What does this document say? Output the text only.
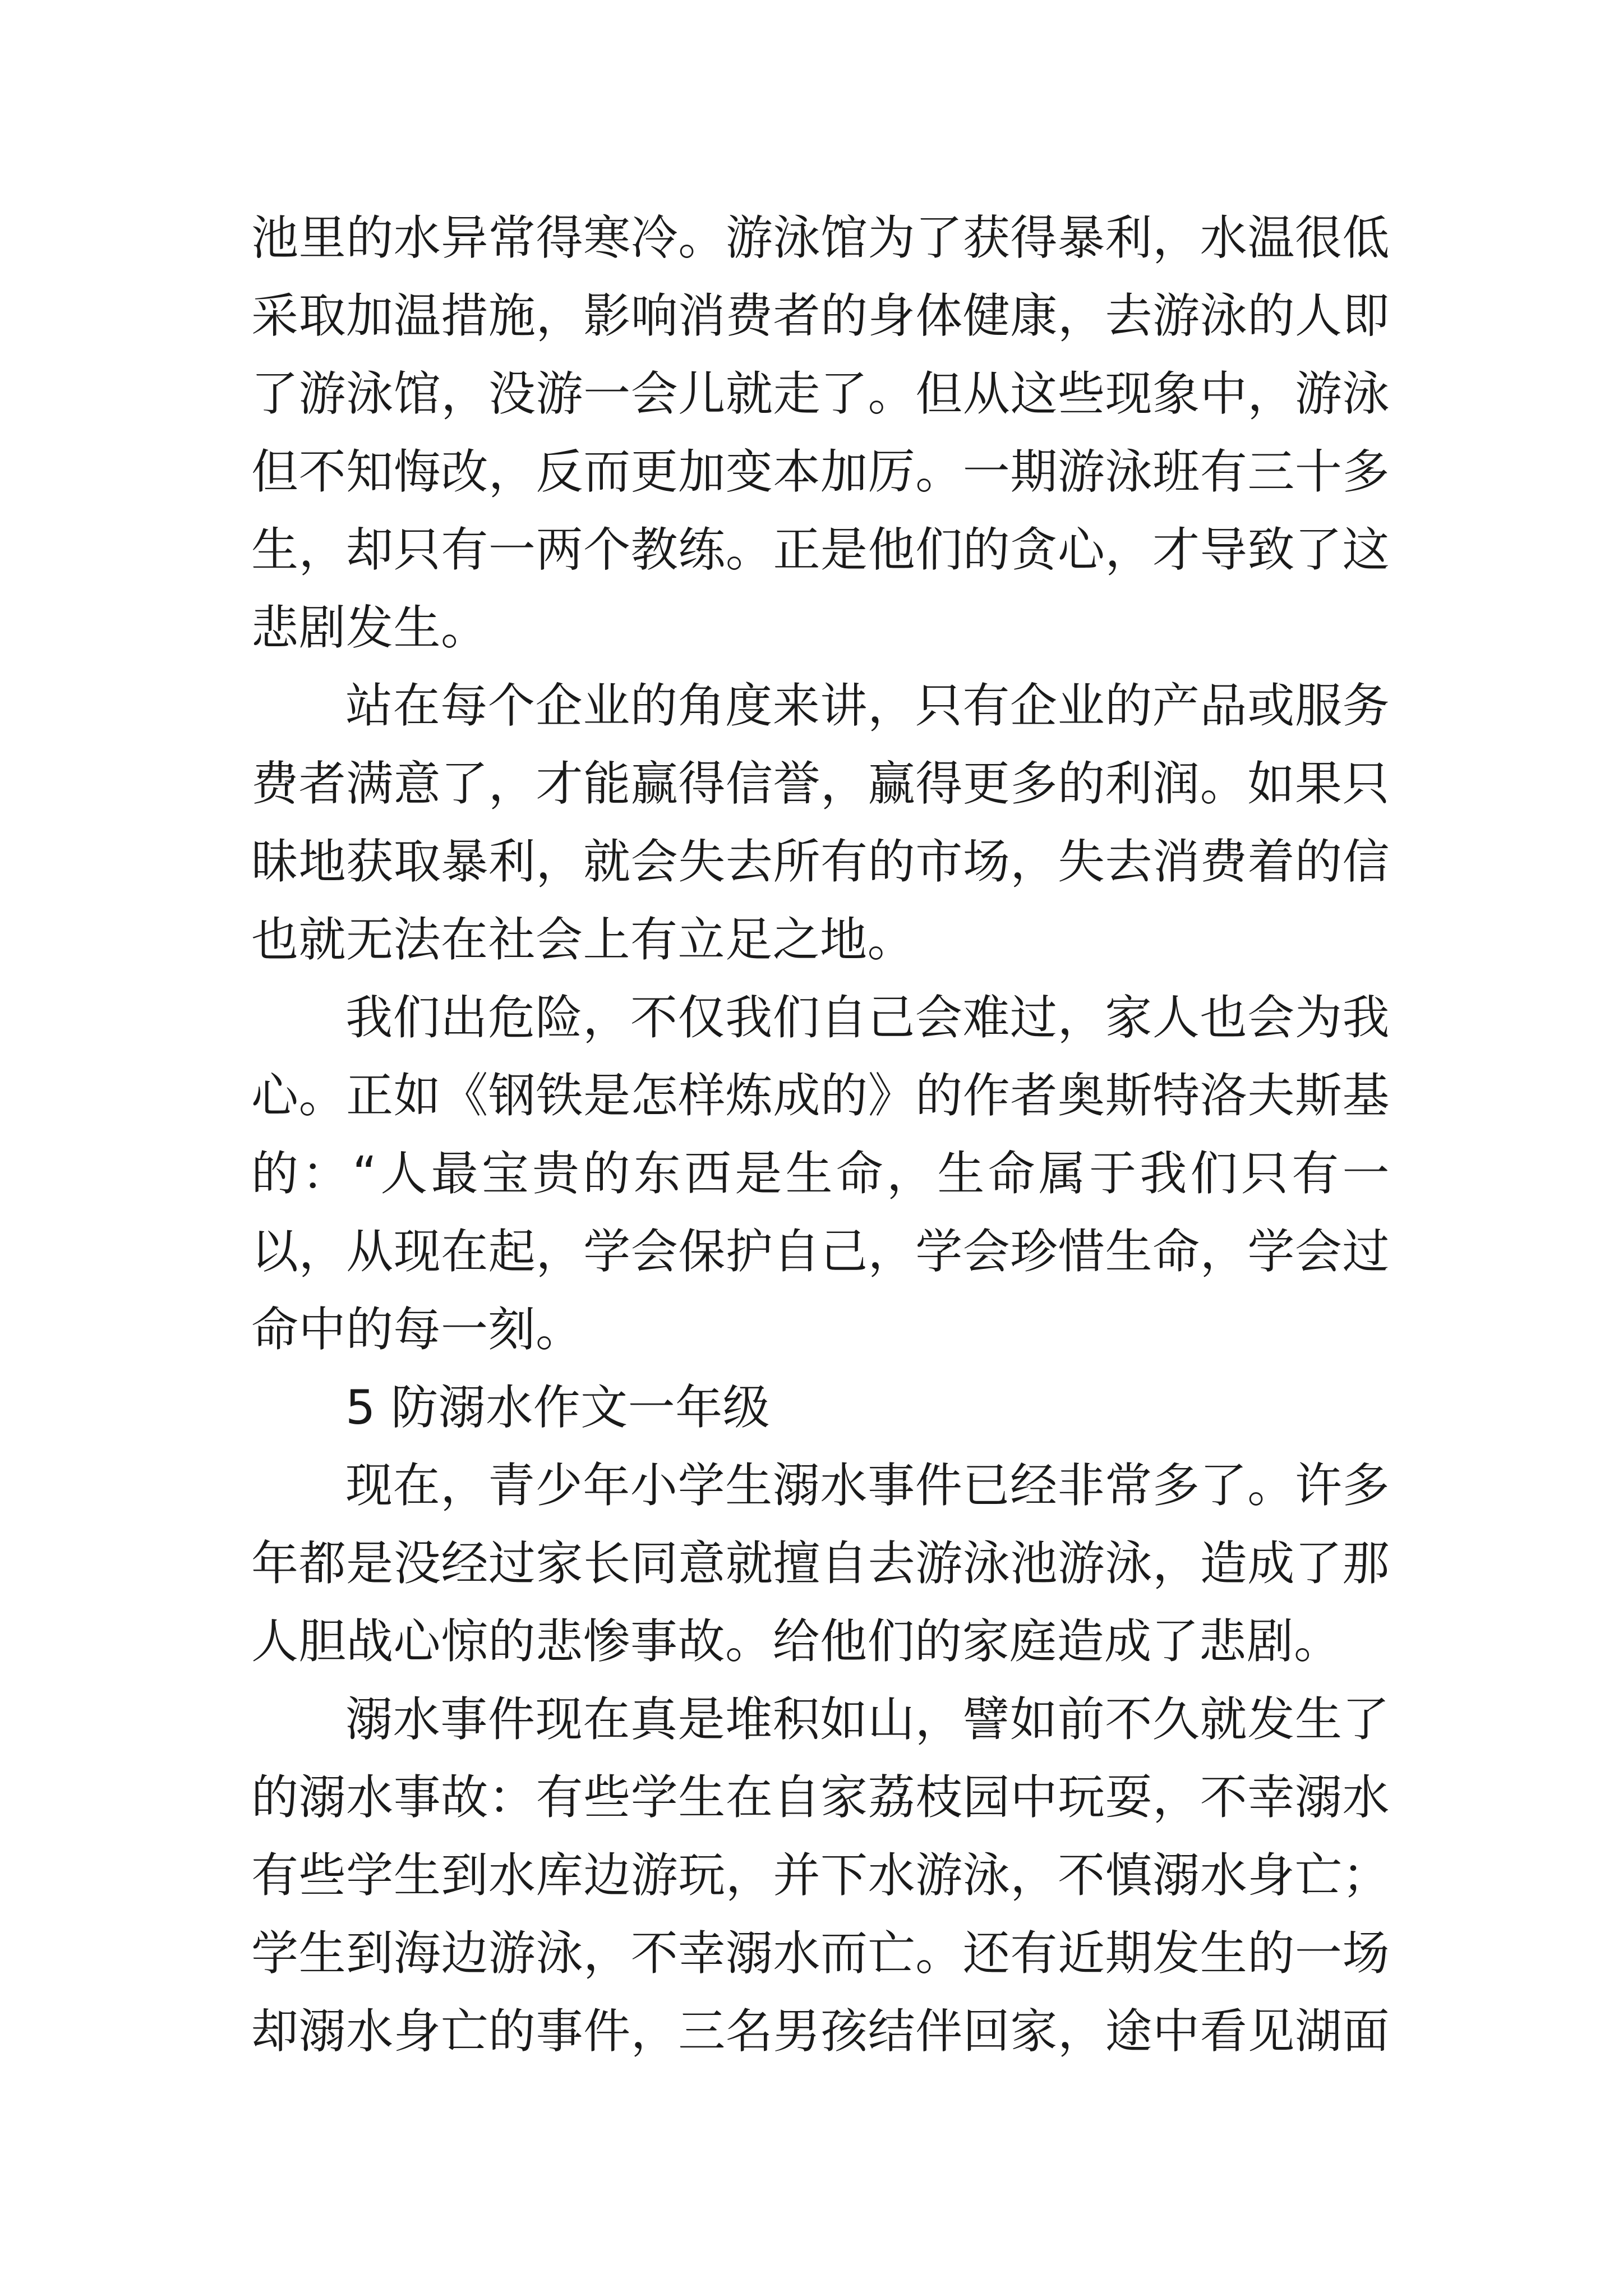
池里的水异常得寒冷。游泳馆为了获得暴利，水温很低
采取加温措施，影响消费者的身体健康，去游泳的人即
了游泳馆，没游一会儿就走了。但从这些现象中，游泳
但不知悔改，反而更加变本加厉。一期游泳班有三十多
生，却只有一两个教练。正是他们的贪心，才导致了这
悲剧发生。
站在每个企业的角度来讲，只有企业的产品或服务
费者满意了，才能赢得信誉，赢得更多的利润。如果只
昧地获取暴利，就会失去所有的市场，失去消费着的信
也就无法在社会上有立足之地。
我们出危险，不仅我们自己会难过，家人也会为我
心。正如《钢铁是怎样炼成的》的作者奥斯特洛夫斯基
的：“人最宝贵的东西是生命，生命属于我们只有一
以，从现在起，学会保护自己，学会珍惜生命，学会过
命中的每一刻。
5 防溺水作文一年级
现在，青少年小学生溺水事件已经非常多了。许多
年都是没经过家长同意就擅自去游泳池游泳，造成了那
人胆战心惊的悲惨事故。给他们的家庭造成了悲剧。
溺水事件现在真是堆积如山，譬如前不久就发生了
的溺水事故：有些学生在自家荔枝园中玩耍，不幸溺水
有些学生到水库边游玩，并下水游泳，不慎溺水身亡；
学生到海边游泳，不幸溺水而亡。还有近期发生的一场
却溺水身亡的事件，三名男孩结伴回家，途中看见湖面
